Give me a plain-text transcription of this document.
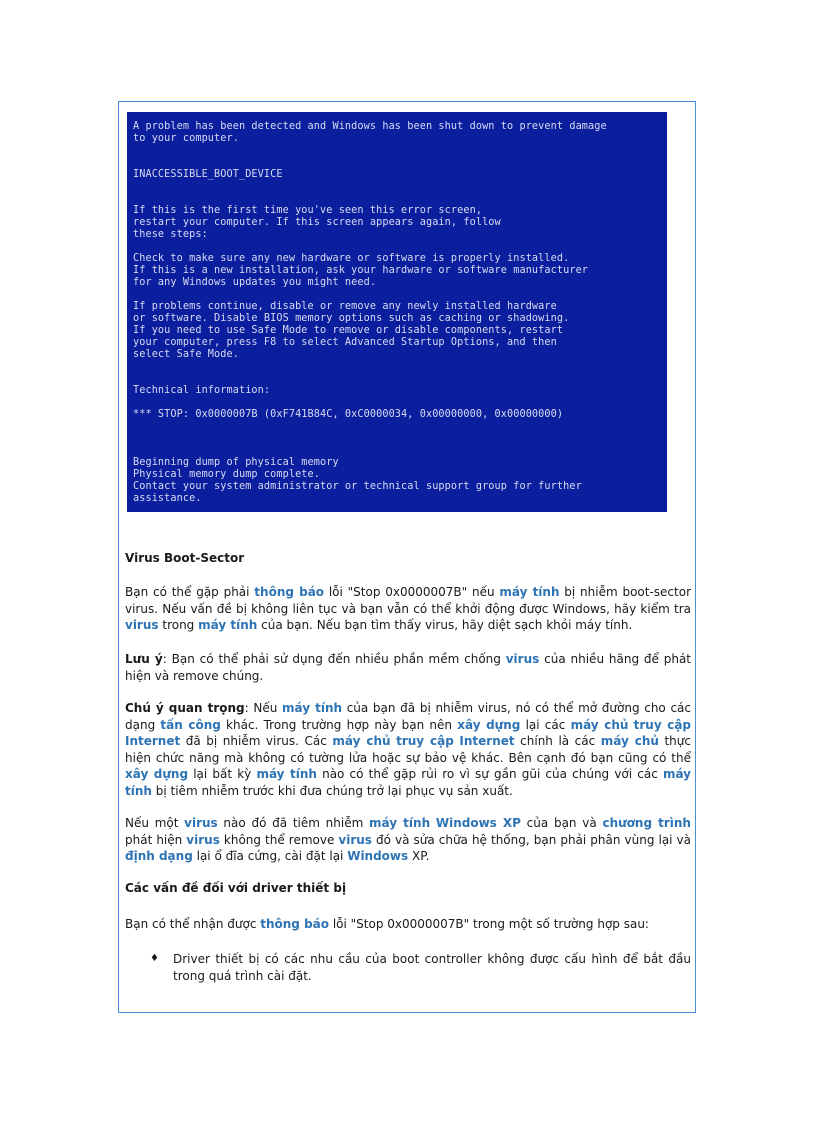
A problem has been detected and Windows has been shut down to prevent damage
to your computer.
INACCESSIBLE_BOOT_DEVICE
If this is the first time you've seen this error screen,
restart your computer. If this screen appears again, follow
these steps:
Check to make sure any new hardware or software is properly installed.
If this is a new installation, ask your hardware or software manufacturer
for any Windows updates you might need.
If problems continue, disable or remove any newly installed hardware
or software. Disable BIOS memory options such as caching or shadowing.
If you need to use Safe Mode to remove or disable components, restart
your computer, press F8 to select Advanced Startup Options, and then
select Safe Mode.
Technical information:
*** STOP: 0x0000007B (0xF741B84C, 0xC0000034, 0x00000000, 0x00000000)
Beginning dump of physical memory
Physical memory dump complete.
Contact your system administrator or technical support group for further
assistance.

Virus Boot-Sector

Bạn có thể gặp phải thông báo lỗi "Stop 0x0000007B" nếu máy tính bị nhiễm boot-sector virus. Nếu vấn đề bị không liên tục và bạn vẫn có thể khởi động được Windows, hãy kiểm tra virus trong máy tính của bạn. Nếu bạn tìm thấy virus, hãy diệt sạch khỏi máy tính.

Lưu ý: Bạn có thể phải sử dụng đến nhiều phần mềm chống virus của nhiều hãng để phát hiện và remove chúng.

Chú ý quan trọng: Nếu máy tính của bạn đã bị nhiễm virus, nó có thể mở đường cho các dạng tấn công khác. Trong trường hợp này bạn nên xây dựng lại các máy chủ truy cập Internet đã bị nhiễm virus. Các máy chủ truy cập Internet chính là các máy chủ thực hiện chức năng mà không có tường lửa hoặc sự bảo vệ khác. Bên cạnh đó bạn cũng có thể xây dựng lại bất kỳ máy tính nào có thể gặp rủi ro vì sự gần gũi của chúng với các máy tính bị tiêm nhiễm trước khi đưa chúng trở lại phục vụ sản xuất.

Nếu một virus nào đó đã tiêm nhiễm máy tính Windows XP của bạn và chương trình phát hiện virus không thể remove virus đó và sửa chữa hệ thống, bạn phải phân vùng lại và định dạng lại ổ đĩa cứng, cài đặt lại Windows XP.

Các vấn đề đối với driver thiết bị

Bạn có thể nhận được thông báo lỗi "Stop 0x0000007B" trong một số trường hợp sau:

♦ Driver thiết bị có các nhu cầu của boot controller không được cấu hình để bắt đầu trong quá trình cài đặt.
